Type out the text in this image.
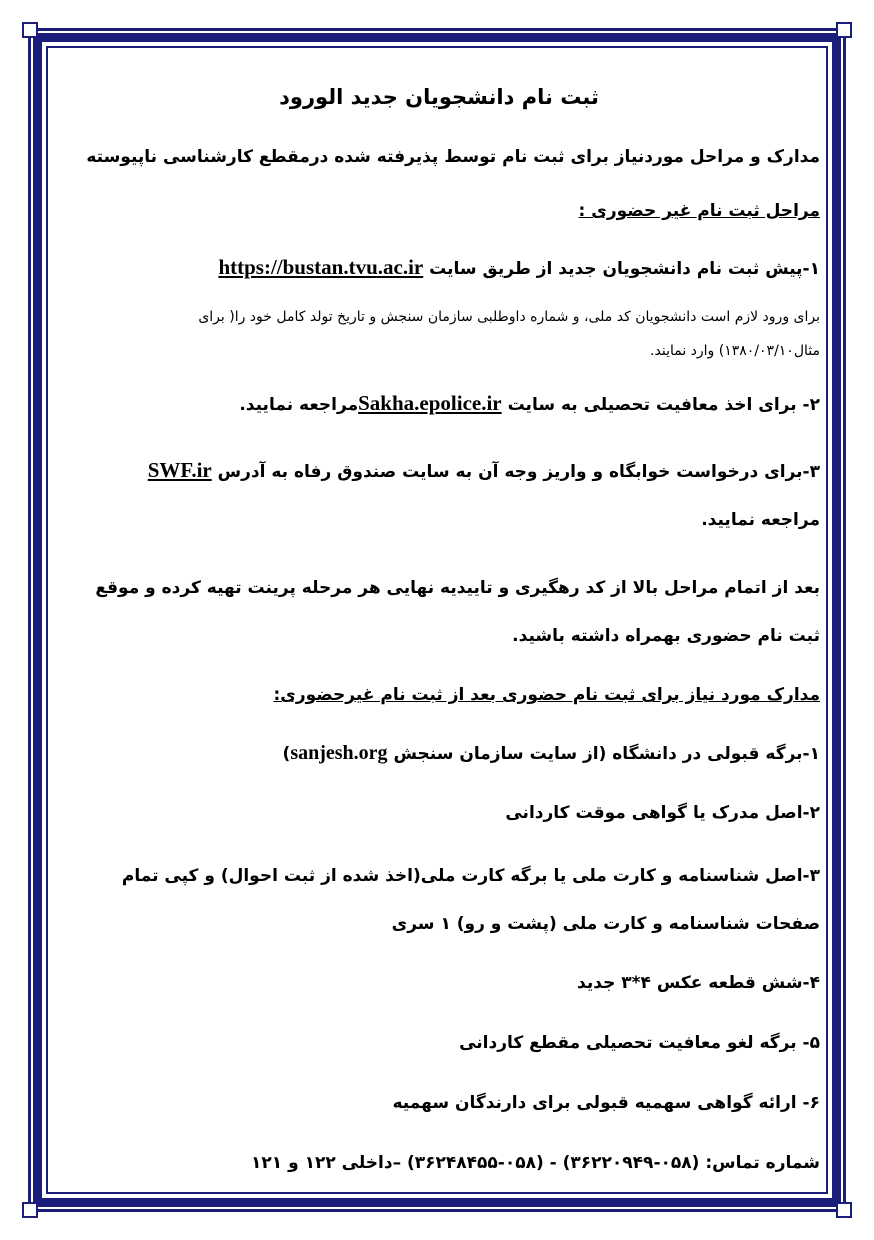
ثبت نام دانشجویان جدید الورود

مدارک و مراحل موردنیاز برای ثبت نام توسط پذیرفته شده درمقطع کارشناسی ناپیوسته

مراحل ثبت نام غیر حضوری :

۱-پیش ثبت نام دانشجویان جدید از طریق سایت https://bustan.tvu.ac.ir

برای ورود لازم است دانشجویان کد ملی، و شماره داوطلبی سازمان سنجش و تاریخ تولد کامل خود را( برای
مثال۱۳۸۰/۰۳/۱۰) وارد نمایند.

۲- برای اخذ معافیت تحصیلی به سایت Sakha.epolice.irمراجعه نمایید.

۳-برای درخواست خوابگاه و واریز وجه آن به سایت صندوق رفاه به آدرس SWF.ir
مراجعه نمایید.

بعد از اتمام مراحل بالا از کد رهگیری و تاییدیه نهایی هر مرحله پرینت تهیه کرده و موقع
ثبت نام حضوری بهمراه داشته باشید.

مدارک مورد نیاز برای ثبت نام حضوری بعد از ثبت نام غیرحضوری:

۱-برگه قبولی در دانشگاه (از سایت سازمان سنجش sanjesh.org)

۲-اصل مدرک یا گواهی موقت کاردانی

۳-اصل شناسنامه و کارت ملی یا برگه کارت ملی(اخذ شده از ثبت احوال) و کپی تمام
صفحات شناسنامه و کارت ملی (پشت و رو) ۱ سری

۴-شش قطعه عکس ۴*۳ جدید

۵- برگه لغو معافیت تحصیلی مقطع کاردانی

۶- ارائه گواهی سهمیه قبولی برای دارندگان سهمیه

شماره تماس: (۰۵۸-۳۶۲۲۰۹۴۹) - (۰۵۸-۳۶۲۴۸۴۵۵) –داخلی ۱۲۲ و ۱۲۱
